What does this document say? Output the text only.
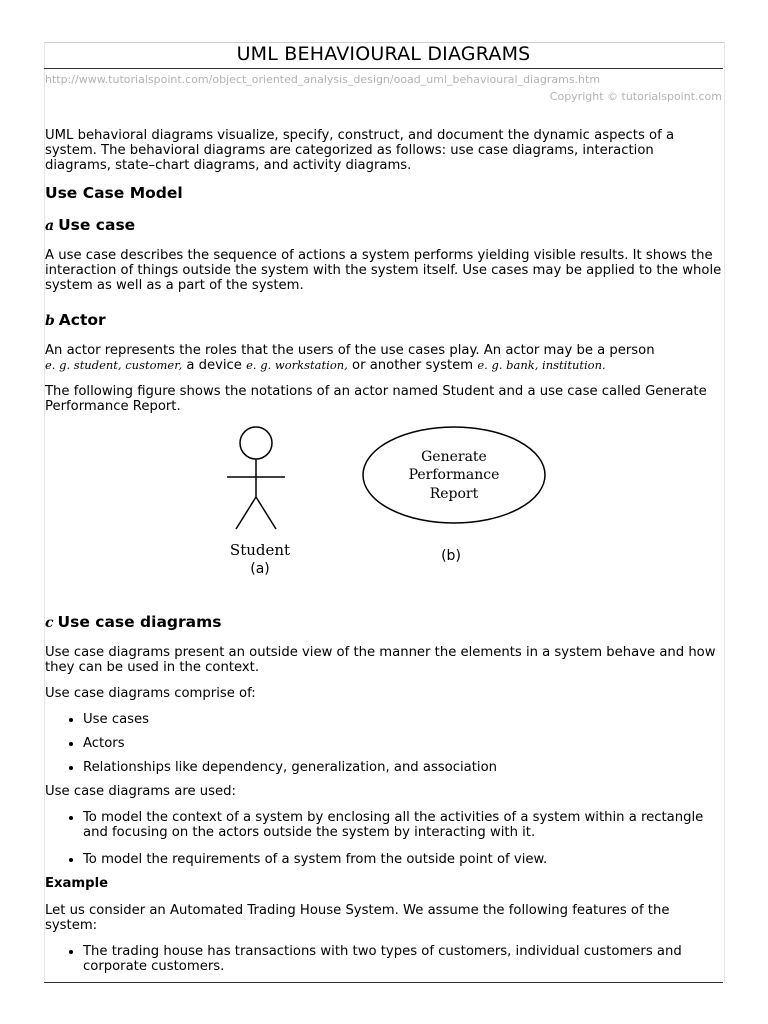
UML BEHAVIOURAL DIAGRAMS
http://www.tutorialspoint.com/object_oriented_analysis_design/ooad_uml_behavioural_diagrams.htm
Copyright © tutorialspoint.com

UML behavioral diagrams visualize, specify, construct, and document the dynamic aspects of a system. The behavioral diagrams are categorized as follows: use case diagrams, interaction diagrams, state–chart diagrams, and activity diagrams.

Use Case Model
a Use case

A use case describes the sequence of actions a system performs yielding visible results. It shows the interaction of things outside the system with the system itself. Use cases may be applied to the whole system as well as a part of the system.

b Actor

An actor represents the roles that the users of the use cases play. An actor may be a person
e. g. student, customer, a device e. g. workstation, or another system e. g. bank, institution.

The following figure shows the notations of an actor named Student and a use case called Generate Performance Report.

Student
(a)
Generate
Performance
Report
(b)
c Use case diagrams

Use case diagrams present an outside view of the manner the elements in a system behave and how they can be used in the context.

Use case diagrams comprise of:

• Use cases
• Actors
• Relationships like dependency, generalization, and association

Use case diagrams are used:

• To model the context of a system by enclosing all the activities of a system within a rectangle and focusing on the actors outside the system by interacting with it.
• To model the requirements of a system from the outside point of view.

Example

Let us consider an Automated Trading House System. We assume the following features of the system:

• The trading house has transactions with two types of customers, individual customers and corporate customers.
